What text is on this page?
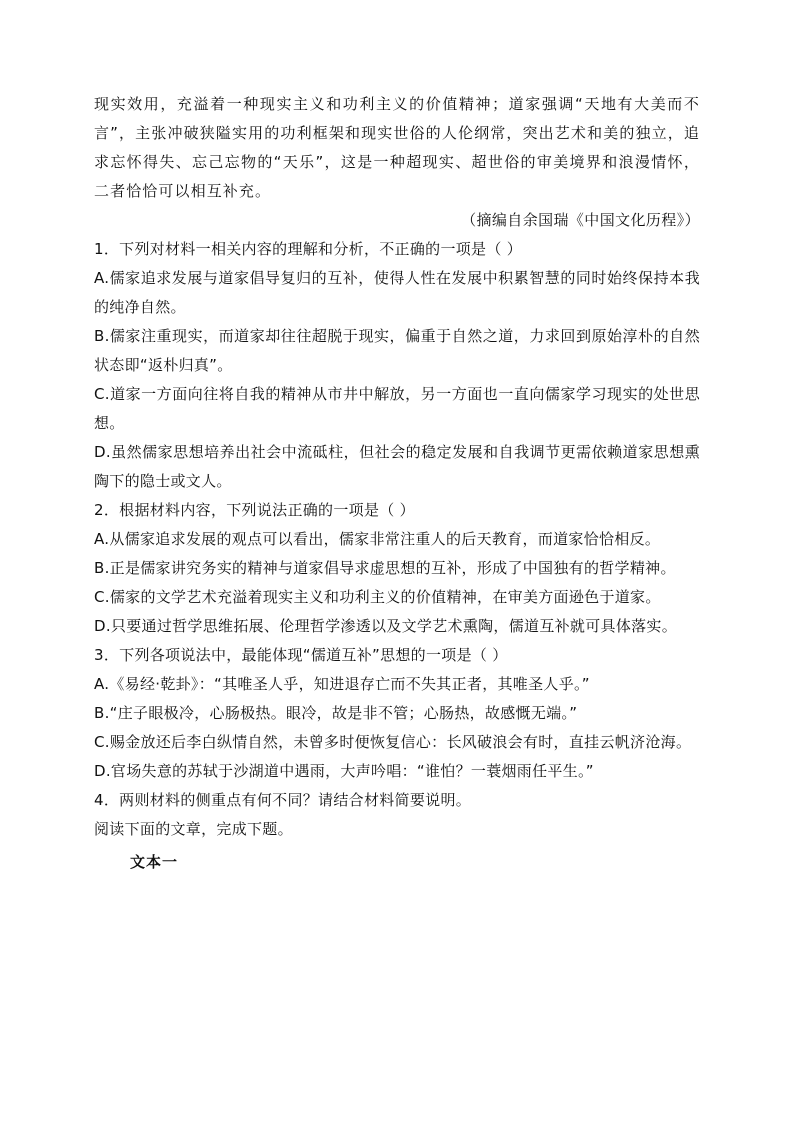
现实效用，充溢着一种现实主义和功利主义的价值精神；道家强调“天地有大美而不言”，主张冲破狭隘实用的功利框架和现实世俗的人伦纲常，突出艺术和美的独立，追求忘怀得失、忘己忘物的“天乐”，这是一种超现实、超世俗的审美境界和浪漫情怀，二者恰恰可以相互补充。

（摘编自余国瑞《中国文化历程》）

1．下列对材料一相关内容的理解和分析，不正确的一项是（ ）

A.儒家追求发展与道家倡导复归的互补，使得人性在发展中积累智慧的同时始终保持本我的纯净自然。

B.儒家注重现实，而道家却往往超脱于现实，偏重于自然之道，力求回到原始淳朴的自然状态即“返朴归真”。

C.道家一方面向往将自我的精神从市井中解放，另一方面也一直向儒家学习现实的处世思想。

D.虽然儒家思想培养出社会中流砥柱，但社会的稳定发展和自我调节更需依赖道家思想熏陶下的隐士或文人。

2．根据材料内容，下列说法正确的一项是（ ）

A.从儒家追求发展的观点可以看出，儒家非常注重人的后天教育，而道家恰恰相反。

B.正是儒家讲究务实的精神与道家倡导求虚思想的互补，形成了中国独有的哲学精神。

C.儒家的文学艺术充溢着现实主义和功利主义的价值精神，在审美方面逊色于道家。

D.只要通过哲学思维拓展、伦理哲学渗透以及文学艺术熏陶，儒道互补就可具体落实。

3．下列各项说法中，最能体现“儒道互补”思想的一项是（ ）

A.《易经·乾卦》：“其唯圣人乎，知进退存亡而不失其正者，其唯圣人乎。”

B.“庄子眼极冷，心肠极热。眼冷，故是非不管；心肠热，故感慨无端。”

C.赐金放还后李白纵情自然，未曾多时便恢复信心：长风破浪会有时，直挂云帆济沧海。

D.官场失意的苏轼于沙湖道中遇雨，大声吟唱：“谁怕？一蓑烟雨任平生。”

4．两则材料的侧重点有何不同？请结合材料简要说明。

阅读下面的文章，完成下题。

文本一
